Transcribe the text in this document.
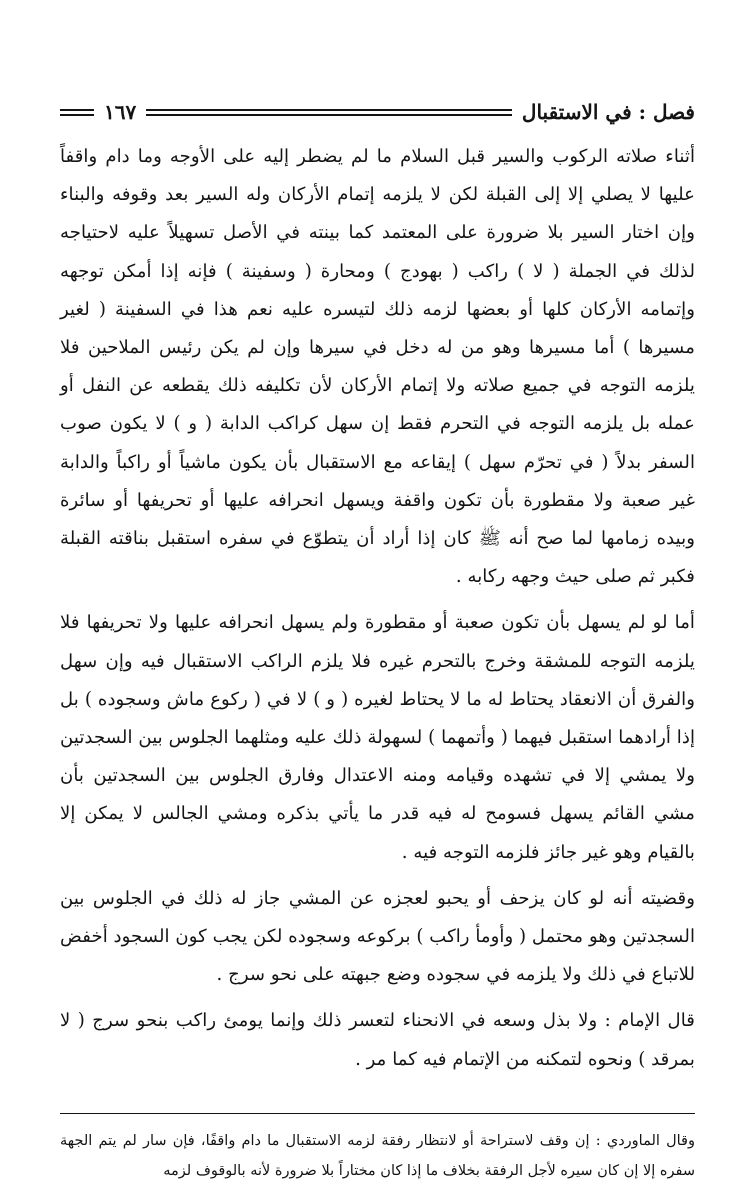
فصل : في الاستقبال
١٦٧

أثناء صلاته الركوب والسير قبل السلام ما لم يضطر إليه على الأوجه وما دام واقفاً عليها لا يصلي إلا إلى القبلة لكن لا يلزمه إتمام الأركان وله السير بعد وقوفه والبناء وإن اختار السير بلا ضرورة على المعتمد كما بينته في الأصل تسهيلاً عليه لاحتياجه لذلك في الجملة ( لا ) راكب ( بهودج ) ومحارة ( وسفينة ) فإنه إذا أمكن توجهه وإتمامه الأركان كلها أو بعضها لزمه ذلك لتيسره عليه نعم هذا في السفينة ( لغير مسيرها ) أما مسيرها وهو من له دخل في سيرها وإن لم يكن رئيس الملاحين فلا يلزمه التوجه في جميع صلاته ولا إتمام الأركان لأن تكليفه ذلك يقطعه عن النفل أو عمله بل يلزمه التوجه في التحرم فقط إن سهل كراكب الدابة ( و ) لا يكون صوب السفر بدلاً ( في تحرّم سهل ) إيقاعه مع الاستقبال بأن يكون ماشياً أو راكباً والدابة غير صعبة ولا مقطورة بأن تكون واقفة ويسهل انحرافه عليها أو تحريفها أو سائرة وبيده زمامها لما صح أنه ﷺ كان إذا أراد أن يتطوّع في سفره استقبل بناقته القبلة فكبر ثم صلى حيث وجهه ركابه .

أما لو لم يسهل بأن تكون صعبة أو مقطورة ولم يسهل انحرافه عليها ولا تحريفها فلا يلزمه التوجه للمشقة وخرج بالتحرم غيره فلا يلزم الراكب الاستقبال فيه وإن سهل والفرق أن الانعقاد يحتاط له ما لا يحتاط لغيره ( و ) لا في ( ركوع ماش وسجوده ) بل إذا أرادهما استقبل فيهما ( وأتمهما ) لسهولة ذلك عليه ومثلهما الجلوس بين السجدتين ولا يمشي إلا في تشهده وقيامه ومنه الاعتدال وفارق الجلوس بين السجدتين بأن مشي القائم يسهل فسومح له فيه قدر ما يأتي بذكره ومشي الجالس لا يمكن إلا بالقيام وهو غير جائز فلزمه التوجه فيه .

وقضيته أنه لو كان يزحف أو يحبو لعجزه عن المشي جاز له ذلك في الجلوس بين السجدتين وهو محتمل ( وأومأ راكب ) بركوعه وسجوده لكن يجب كون السجود أخفض للاتباع في ذلك ولا يلزمه في سجوده وضع جبهته على نحو سرج .

قال الإمام : ولا بذل وسعه في الانحناء لتعسر ذلك وإنما يومئ راكب بنحو سرج ( لا بمرقد ) ونحوه لتمكنه من الإتمام فيه كما مر .

وقال الماوردي : إن وقف لاستراحة أو لانتظار رفقة لزمه الاستقبال ما دام واقفًا، فإن سار لم يتم الجهة سفره إلا إن كان سيره لأجل الرفقة بخلاف ما إذا كان مختاراً بلا ضرورة لأنه بالوقوف لزمه
